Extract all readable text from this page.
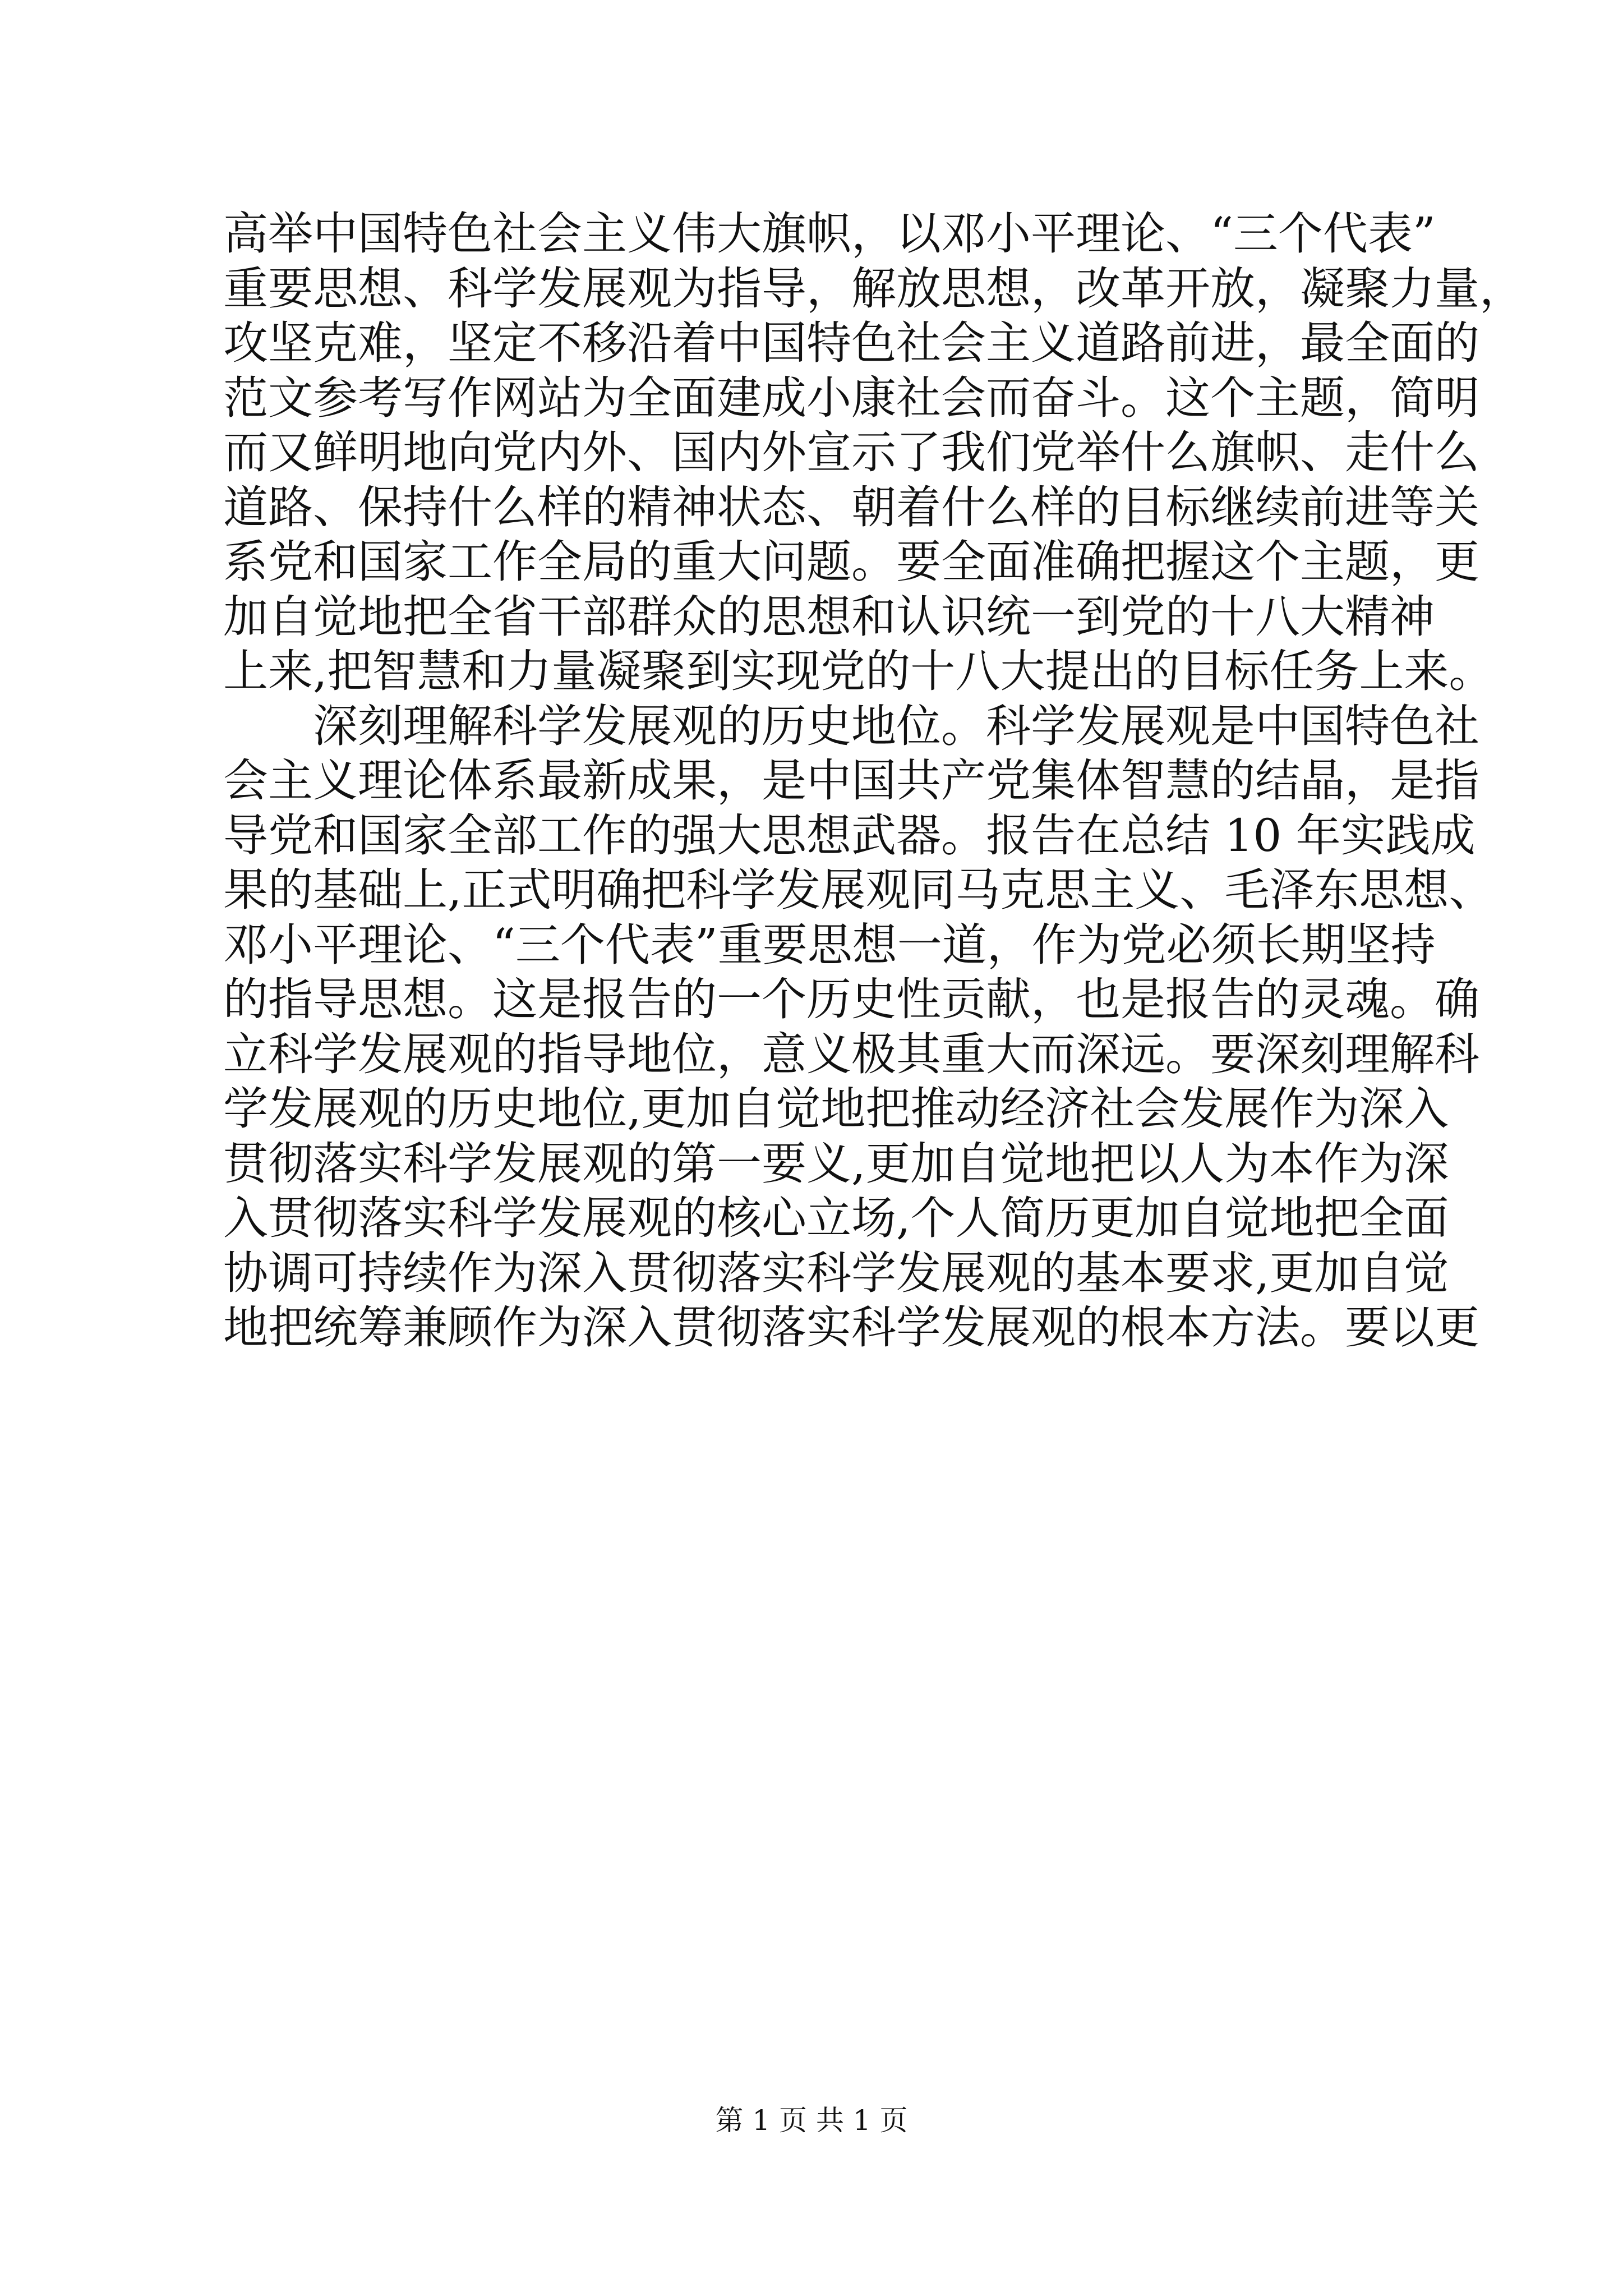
高举中国特色社会主义伟大旗帜，以邓小平理论、“三个代表”
重要思想、科学发展观为指导，解放思想，改革开放，凝聚力量，
攻坚克难，坚定不移沿着中国特色社会主义道路前进，最全面的
范文参考写作网站为全面建成小康社会而奋斗。这个主题，简明
而又鲜明地向党内外、国内外宣示了我们党举什么旗帜、走什么
道路、保持什么样的精神状态、朝着什么样的目标继续前进等关
系党和国家工作全局的重大问题。要全面准确把握这个主题，更
加自觉地把全省干部群众的思想和认识统一到党的十八大精神
上来,把智慧和力量凝聚到实现党的十八大提出的目标任务上来。
深刻理解科学发展观的历史地位。科学发展观是中国特色社
会主义理论体系最新成果，是中国共产党集体智慧的结晶，是指
导党和国家全部工作的强大思想武器。报告在总结 10 年实践成
果的基础上,正式明确把科学发展观同马克思主义、毛泽东思想、
邓小平理论、“三个代表”重要思想一道，作为党必须长期坚持
的指导思想。这是报告的一个历史性贡献，也是报告的灵魂。确
立科学发展观的指导地位，意义极其重大而深远。要深刻理解科
学发展观的历史地位,更加自觉地把推动经济社会发展作为深入
贯彻落实科学发展观的第一要义,更加自觉地把以人为本作为深
入贯彻落实科学发展观的核心立场,个人简历更加自觉地把全面
协调可持续作为深入贯彻落实科学发展观的基本要求,更加自觉
地把统筹兼顾作为深入贯彻落实科学发展观的根本方法。要以更
第 1 页 共 1 页
